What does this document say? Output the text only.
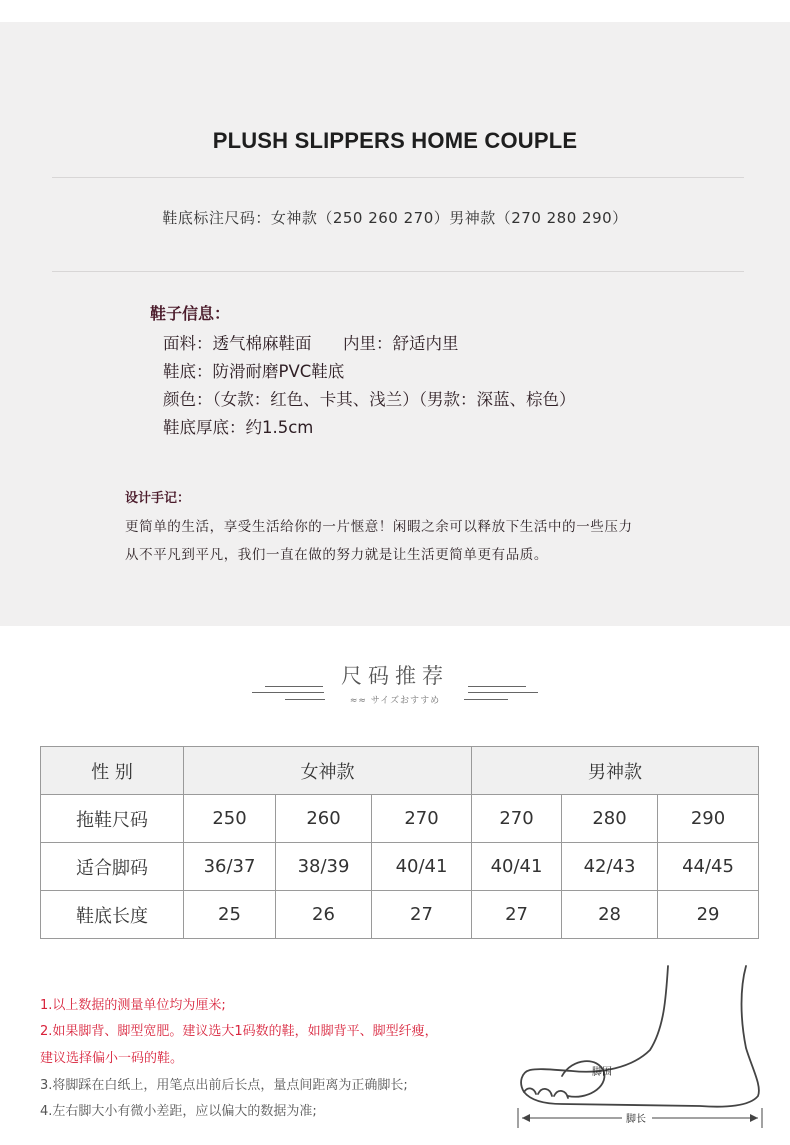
PLUSH SLIPPERS HOME COUPLE
鞋底标注尺码：女神款（250 260 270）男神款（270 280 290）
鞋子信息：
面料：透气棉麻鞋面      内里：舒适内里
鞋底：防滑耐磨PVC鞋底
颜色：（女款：红色、卡其、浅兰）（男款：深蓝、棕色）
鞋底厚底：约1.5cm
设计手记：
更简单的生活，享受生活给你的一片惬意！闲暇之余可以释放下生活中的一些压力
从不平凡到平凡，我们一直在做的努力就是让生活更简单更有品质。
尺码推荐
≈≈ サイズおすすめ
性 别	女神款			男神款		
拖鞋尺码	250	260	270	270	280	290
适合脚码	36/37	38/39	40/41	40/41	42/43	44/45
鞋底长度	25	26	27	27	28	29
1.以上数据的测量单位均为厘米;
2.如果脚背、脚型宽肥。建议选大1码数的鞋，如脚背平、脚型纤瘦，
建议选择偏小一码的鞋。
3.将脚踩在白纸上，用笔点出前后长点，量点间距离为正确脚长;
4.左右脚大小有微小差距，应以偏大的数据为准;
脚围
脚长
